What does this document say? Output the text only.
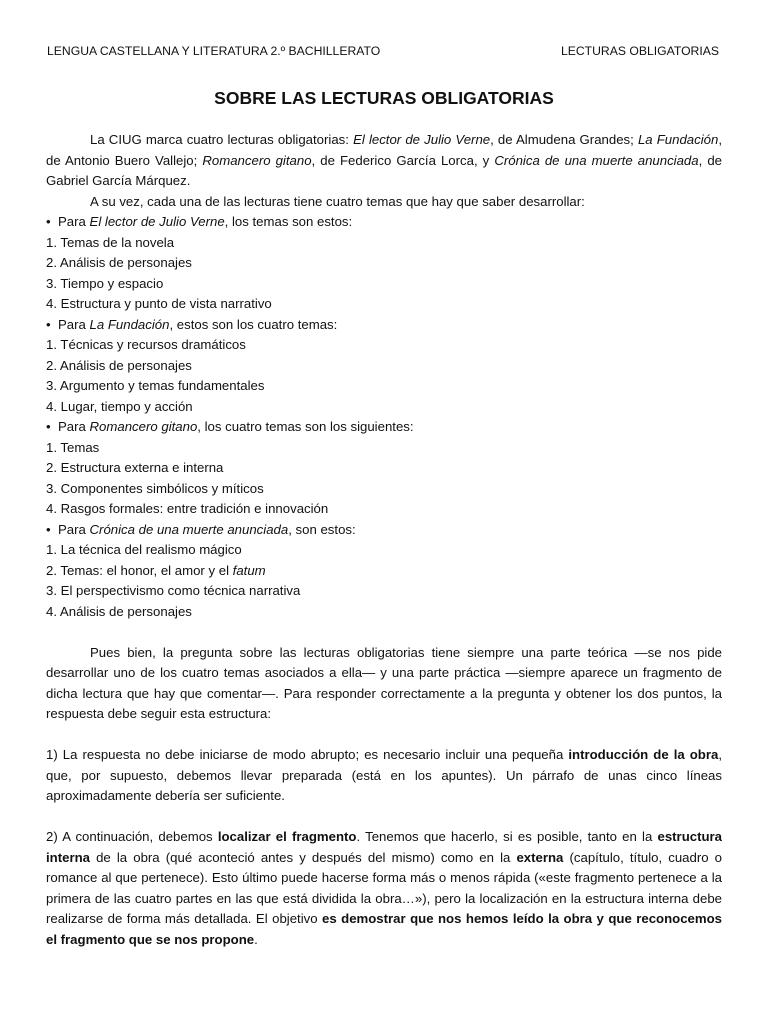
LENGUA CASTELLANA Y LITERATURA 2.º BACHILLERATO	LECTURAS OBLIGATORIAS
SOBRE LAS LECTURAS OBLIGATORIAS

La CIUG marca cuatro lecturas obligatorias: El lector de Julio Verne, de Almudena Grandes; La Fundación, de Antonio Buero Vallejo; Romancero gitano, de Federico García Lorca, y Crónica de una muerte anunciada, de Gabriel García Márquez.

A su vez, cada una de las lecturas tiene cuatro temas que hay que saber desarrollar:

• Para El lector de Julio Verne, los temas son estos:

1. Temas de la novela

2. Análisis de personajes

3. Tiempo y espacio

4. Estructura y punto de vista narrativo

• Para La Fundación, estos son los cuatro temas:

1. Técnicas y recursos dramáticos

2. Análisis de personajes

3. Argumento y temas fundamentales

4. Lugar, tiempo y acción

• Para Romancero gitano, los cuatro temas son los siguientes:

1. Temas

2. Estructura externa e interna

3. Componentes simbólicos y míticos

4. Rasgos formales: entre tradición e innovación

• Para Crónica de una muerte anunciada, son estos:

1. La técnica del realismo mágico

2. Temas: el honor, el amor y el fatum

3. El perspectivismo como técnica narrativa

4. Análisis de personajes

Pues bien, la pregunta sobre las lecturas obligatorias tiene siempre una parte teórica —se nos pide desarrollar uno de los cuatro temas asociados a ella— y una parte práctica —siempre aparece un fragmento de dicha lectura que hay que comentar—. Para responder correctamente a la pregunta y obtener los dos puntos, la respuesta debe seguir esta estructura:

1) La respuesta no debe iniciarse de modo abrupto; es necesario incluir una pequeña introducción de la obra, que, por supuesto, debemos llevar preparada (está en los apuntes). Un párrafo de unas cinco líneas aproximadamente debería ser suficiente.

2) A continuación, debemos localizar el fragmento. Tenemos que hacerlo, si es posible, tanto en la estructura interna de la obra (qué aconteció antes y después del mismo) como en la externa (capítulo, título, cuadro o romance al que pertenece). Esto último puede hacerse forma más o menos rápida («este fragmento pertenece a la primera de las cuatro partes en las que está dividida la obra…»), pero la localización en la estructura interna debe realizarse de forma más detallada. El objetivo es demostrar que nos hemos leído la obra y que reconocemos el fragmento que se nos propone.
